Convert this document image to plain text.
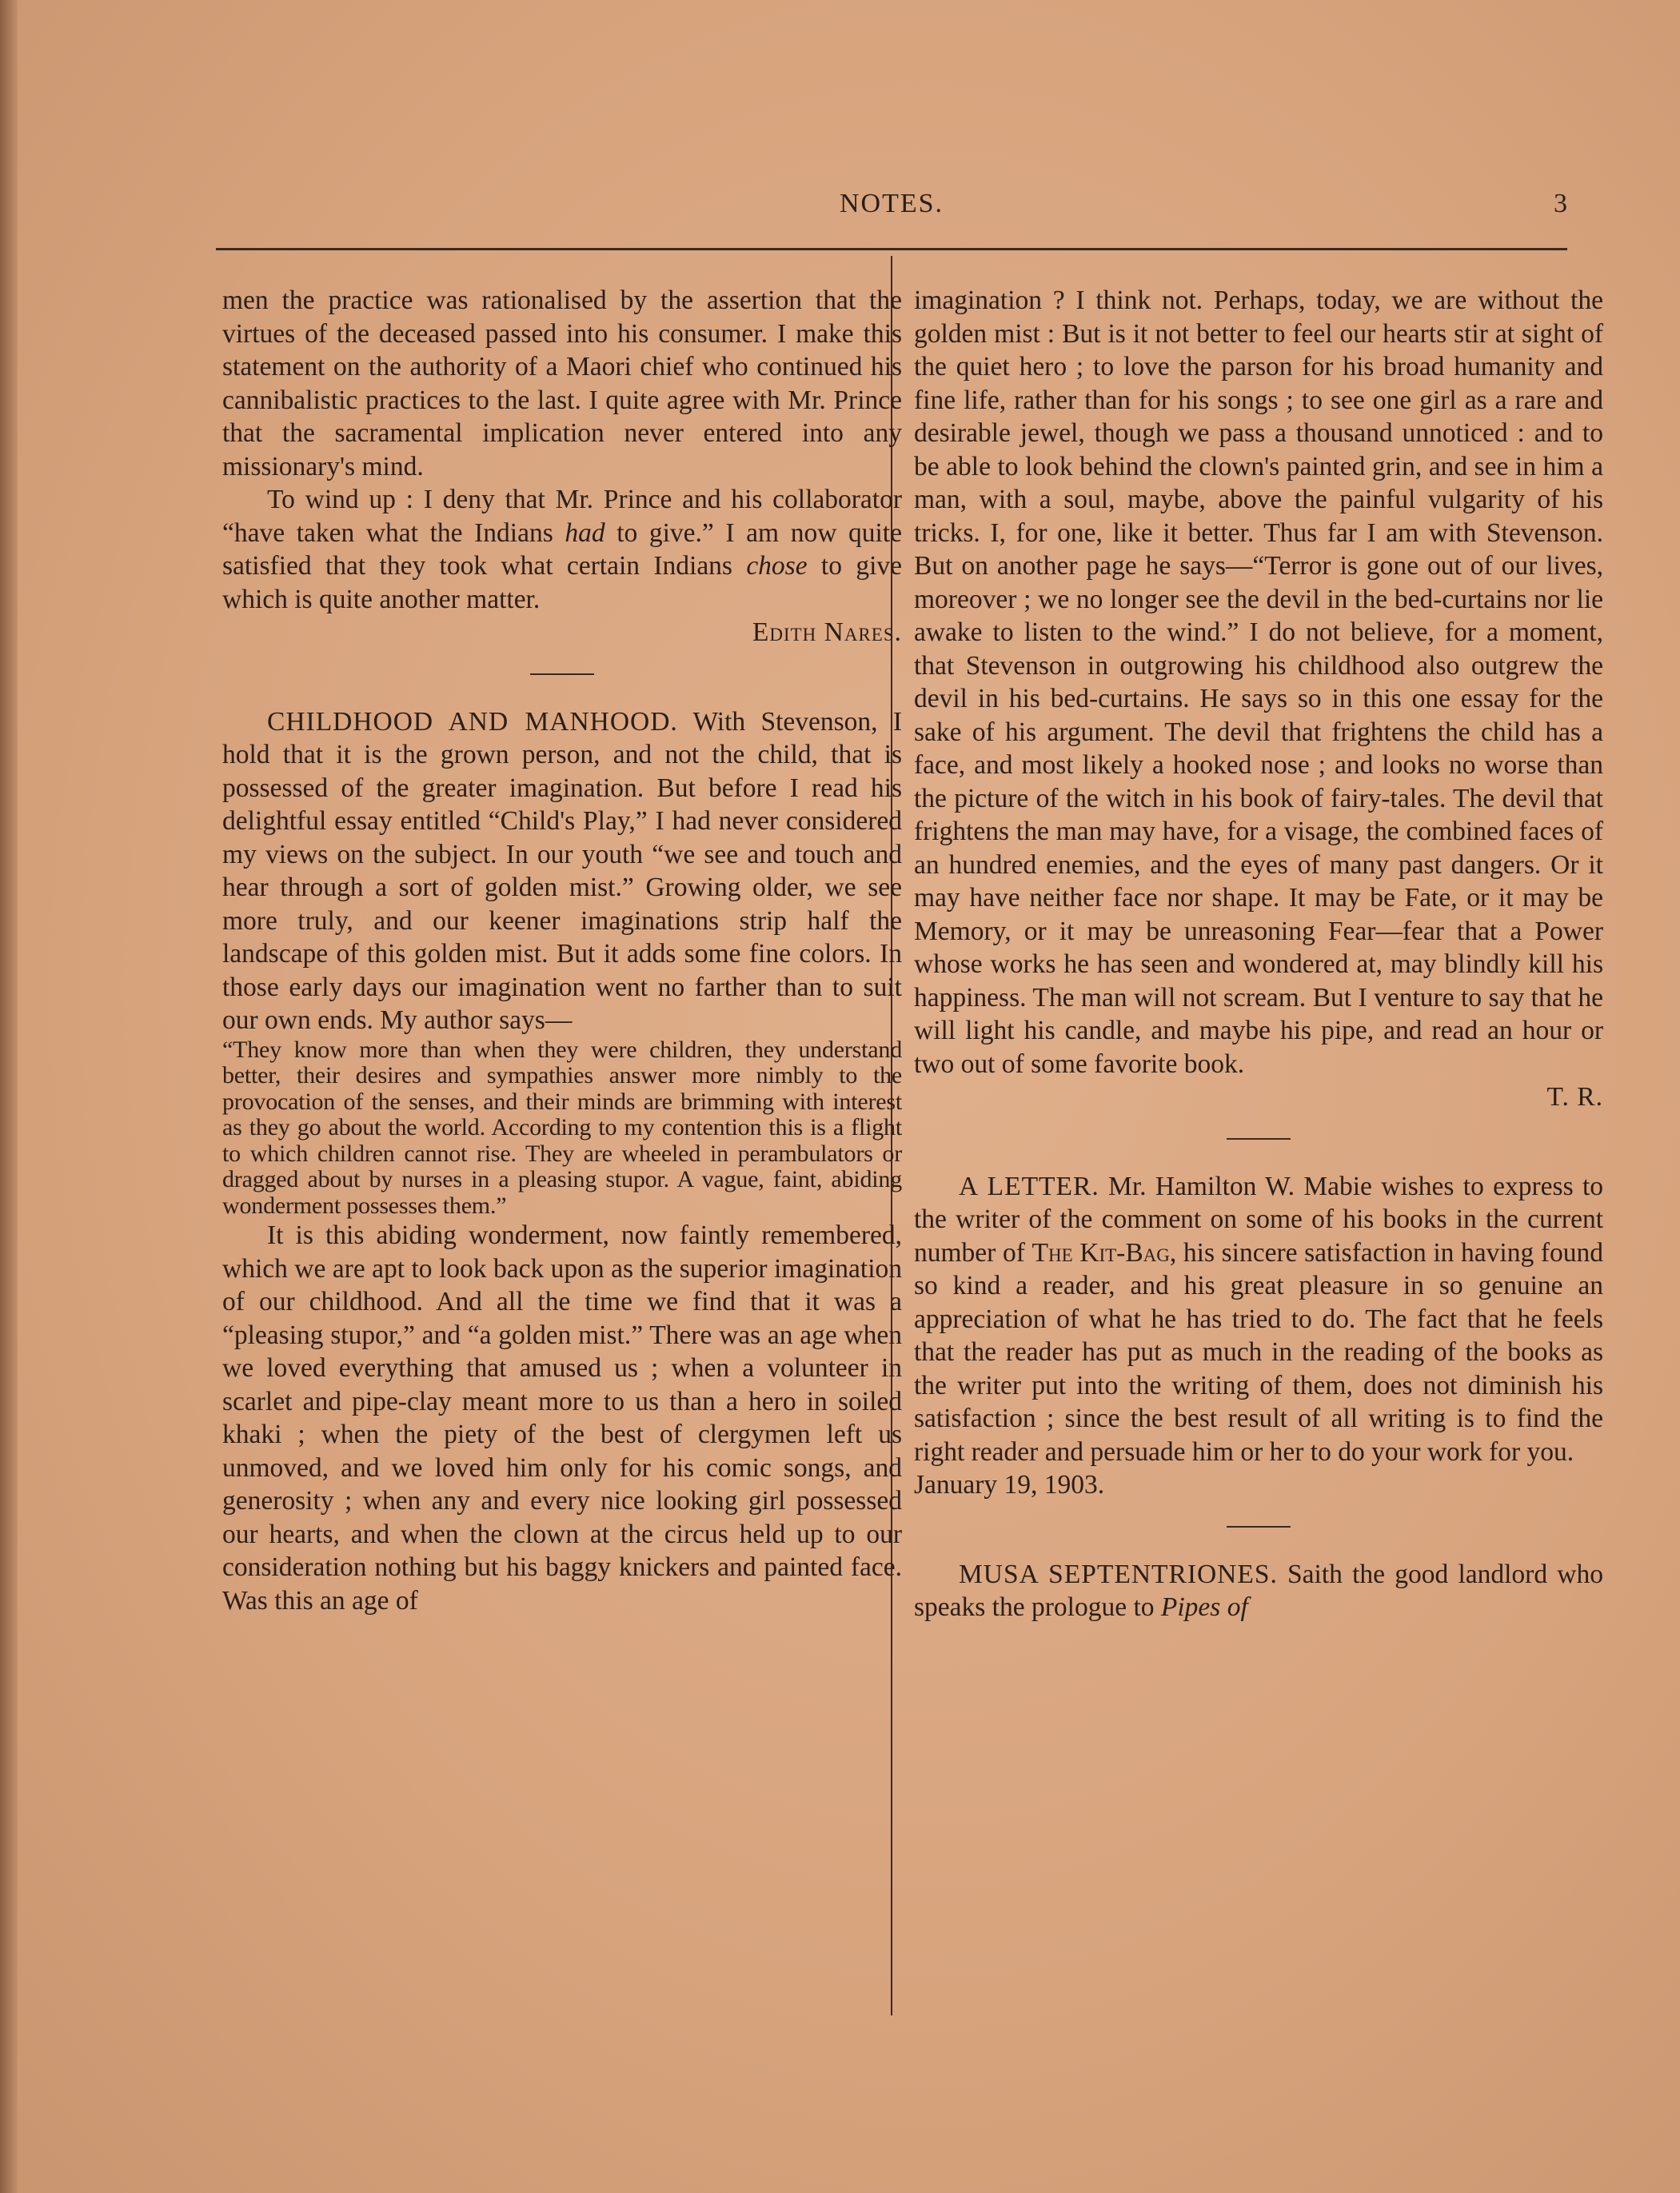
NOTES.	3

men the practice was rationalised by the assertion that the virtues of the deceased passed into his consumer. I make this statement on the authority of a Maori chief who continued his cannibalistic practices to the last. I quite agree with Mr. Prince that the sacramental implication never entered into any missionary's mind.

To wind up : I deny that Mr. Prince and his collaborator “have taken what the Indians had to give.” I am now quite satisfied that they took what certain Indians chose to give which is quite another matter.

Edith Nares.

CHILDHOOD AND MANHOOD. With Stevenson, I hold that it is the grown person, and not the child, that is possessed of the greater imagination. But before I read his delightful essay entitled “Child's Play,” I had never considered my views on the subject. In our youth “we see and touch and hear through a sort of golden mist.” Growing older, we see more truly, and our keener imaginations strip half the landscape of this golden mist. But it adds some fine colors. In those early days our imagination went no farther than to suit our own ends. My author says—

“They know more than when they were children, they understand better, their desires and sympathies answer more nimbly to the provocation of the senses, and their minds are brimming with interest as they go about the world. According to my contention this is a flight to which children cannot rise. They are wheeled in perambulators or dragged about by nurses in a pleasing stupor. A vague, faint, abiding wonderment possesses them.”

It is this abiding wonderment, now faintly remembered, which we are apt to look back upon as the superior imagination of our childhood. And all the time we find that it was a “pleasing stupor,” and “a golden mist.” There was an age when we loved everything that amused us ; when a volunteer in scarlet and pipe-clay meant more to us than a hero in soiled khaki ; when the piety of the best of clergymen left us unmoved, and we loved him only for his comic songs, and generosity ; when any and every nice looking girl possessed our hearts, and when the clown at the circus held up to our consideration nothing but his baggy knickers and painted face. Was this an age of

imagination ? I think not. Perhaps, today, we are without the golden mist : But is it not better to feel our hearts stir at sight of the quiet hero ; to love the parson for his broad humanity and fine life, rather than for his songs ; to see one girl as a rare and desirable jewel, though we pass a thousand unnoticed : and to be able to look behind the clown's painted grin, and see in him a man, with a soul, maybe, above the painful vulgarity of his tricks. I, for one, like it better. Thus far I am with Stevenson. But on another page he says—“Terror is gone out of our lives, moreover ; we no longer see the devil in the bed-curtains nor lie awake to listen to the wind.” I do not believe, for a moment, that Stevenson in outgrowing his childhood also outgrew the devil in his bed-curtains. He says so in this one essay for the sake of his argument. The devil that frightens the child has a face, and most likely a hooked nose ; and looks no worse than the picture of the witch in his book of fairy-tales. The devil that frightens the man may have, for a visage, the combined faces of an hundred enemies, and the eyes of many past dangers. Or it may have neither face nor shape. It may be Fate, or it may be Memory, or it may be unreasoning Fear—fear that a Power whose works he has seen and wondered at, may blindly kill his happiness. The man will not scream. But I venture to say that he will light his candle, and maybe his pipe, and read an hour or two out of some favorite book.

T. R.

A LETTER. Mr. Hamilton W. Mabie wishes to express to the writer of the comment on some of his books in the current number of The Kit-Bag, his sincere satisfaction in having found so kind a reader, and his great pleasure in so genuine an appreciation of what he has tried to do. The fact that he feels that the reader has put as much in the reading of the books as the writer put into the writing of them, does not diminish his satisfaction ; since the best result of all writing is to find the right reader and persuade him or her to do your work for you.

January 19, 1903.

MUSA SEPTENTRIONES. Saith the good landlord who speaks the prologue to Pipes of
